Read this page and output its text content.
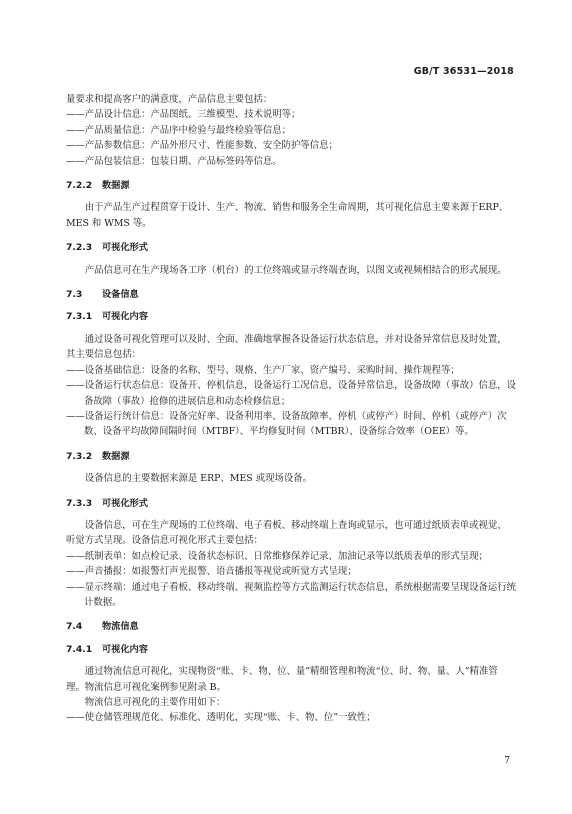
GB/T 36531—2018

量要求和提高客户的满意度，产品信息主要包括：

——产品设计信息：产品图纸、三维模型、技术说明等；

——产品质量信息：产品序中检验与最终检验等信息；

——产品参数信息：产品外形尺寸、性能参数、安全防护等信息；

——产品包装信息：包装日期、产品标签码等信息。

7.2.2 数据源

由于产品生产过程贯穿于设计、生产、物流、销售和服务全生命周期，其可视化信息主要来源于ERP、MES 和 WMS 等。

7.2.3 可视化形式

产品信息可在生产现场各工序（机台）的工位终端或显示终端查询，以图文或视频相结合的形式展现。

7.3 设备信息

7.3.1 可视化内容

通过设备可视化管理可以及时、全面、准确地掌握各设备运行状态信息，并对设备异常信息及时处置，其主要信息包括：

——设备基础信息：设备的名称、型号、规格、生产厂家、资产编号、采购时间、操作规程等；

——设备运行状态信息：设备开、停机信息，设备运行工况信息，设备异常信息，设备故障（事故）信息，设备故障（事故）抢修的进展信息和动态检修信息；

——设备运行统计信息：设备完好率、设备利用率、设备故障率、停机（或停产）时间、停机（或停产）次数、设备平均故障间隔时间（MTBF）、平均修复时间（MTBR）、设备综合效率（OEE）等。

7.3.2 数据源

设备信息的主要数据来源是 ERP、MES 或现场设备。

7.3.3 可视化形式

设备信息，可在生产现场的工位终端、电子看板、移动终端上查询或显示，也可通过纸质表单或视觉、听觉方式呈现。设备信息可视化形式主要包括：

——纸制表单：如点检记录、设备状态标识、日常维修保养记录、加油记录等以纸质表单的形式呈现；

——声音播报：如报警灯声光报警、语音播报等视觉或听觉方式呈现；

——显示终端：通过电子看板、移动终端、视频监控等方式监测运行状态信息，系统根据需要呈现设备运行统计数据。

7.4 物流信息

7.4.1 可视化内容

通过物流信息可视化，实现物资“账、卡、物、位、量”精细管理和物流“位、时、物、量、人”精准管理。物流信息可视化案例参见附录 B。

物流信息可视化的主要作用如下：

——使仓储管理规范化、标准化、透明化，实现“账、卡、物、位”一致性；

7
